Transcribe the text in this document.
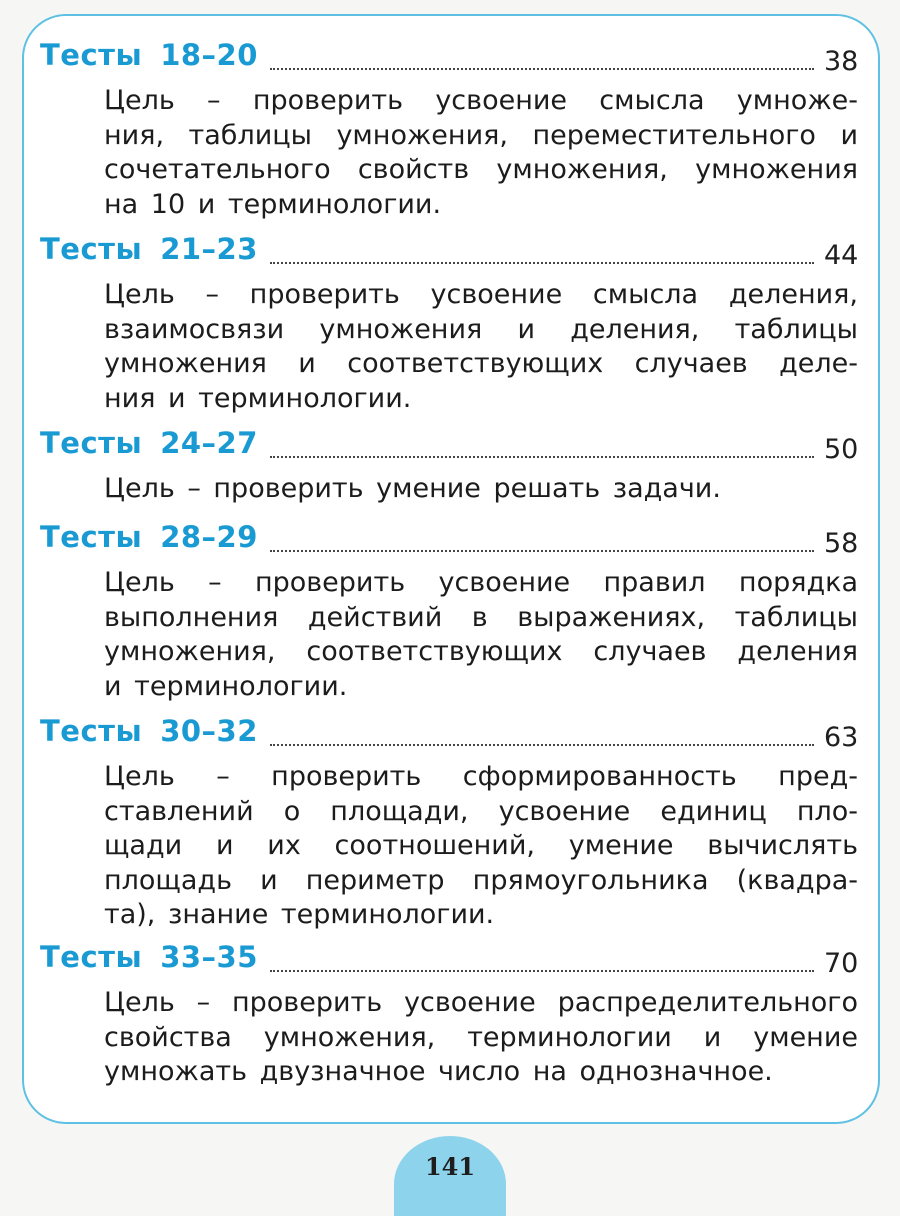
Тесты 18–20	38
Цель – проверить усвоение смысла умноже-
ния, таблицы умножения, переместительного и
сочетательного свойств умножения, умножения
на 10 и терминологии.
Тесты 21–23	44
Цель – проверить усвоение смысла деления,
взаимосвязи умножения и деления, таблицы
умножения и соответствующих случаев деле-
ния и терминологии.
Тесты 24–27	50
Цель – проверить умение решать задачи.
Тесты 28–29	58
Цель – проверить усвоение правил порядка
выполнения действий в выражениях, таблицы
умножения, соответствующих случаев деления
и терминологии.
Тесты 30–32	63
Цель – проверить сформированность пред-
ставлений о площади, усвоение единиц пло-
щади и их соотношений, умение вычислять
площадь и периметр прямоугольника (квадра-
та), знание терминологии.
Тесты 33–35	70
Цель – проверить усвоение распределительного
свойства умножения, терминологии и умение
умножать двузначное число на однозначное.
141
